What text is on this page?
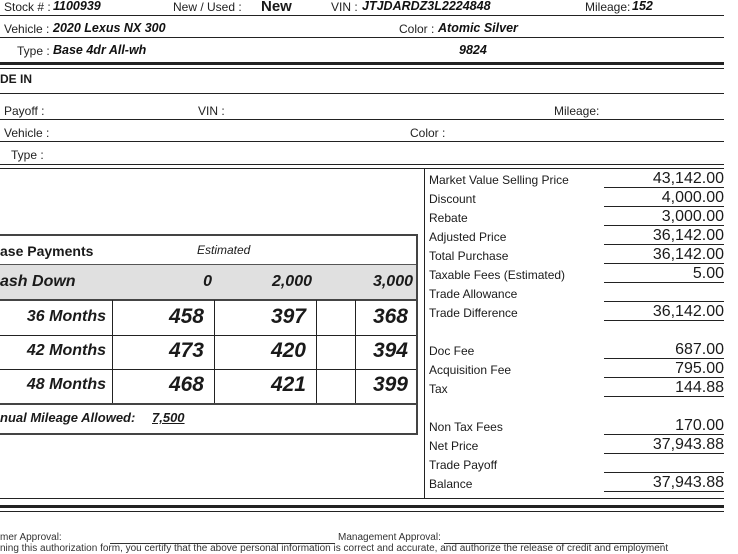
Stock # : 1100939	New / Used : New	VIN : JTJDARDZ3L2224848	Mileage: 152
Vehicle : 2020 Lexus NX 300	Color : Atomic Silver
Type : Base 4dr All-wh	9824
DE IN
Payoff :	VIN :	Mileage:
Vehicle :	Color :
Type :
ase Payments	Estimated
ash Down	0	2,000	3,000
36 Months	458	397	368
42 Months	473	420	394
48 Months	468	421	399
nual Mileage Allowed: 7,500
Market Value Selling Price	43,142.00
Discount	4,000.00
Rebate	3,000.00
Adjusted Price	36,142.00
Total Purchase	36,142.00
Taxable Fees (Estimated)	5.00
Trade Allowance
Trade Difference	36,142.00
Doc Fee	687.00
Acquisition Fee	795.00
Tax	144.88
Non Tax Fees	170.00
Net Price	37,943.88
Trade Payoff
Balance	37,943.88
mer Approval:	Management Approval:
ning this authorization form, you certify that the above personal information is correct and accurate, and authorize the release of credit and employment
